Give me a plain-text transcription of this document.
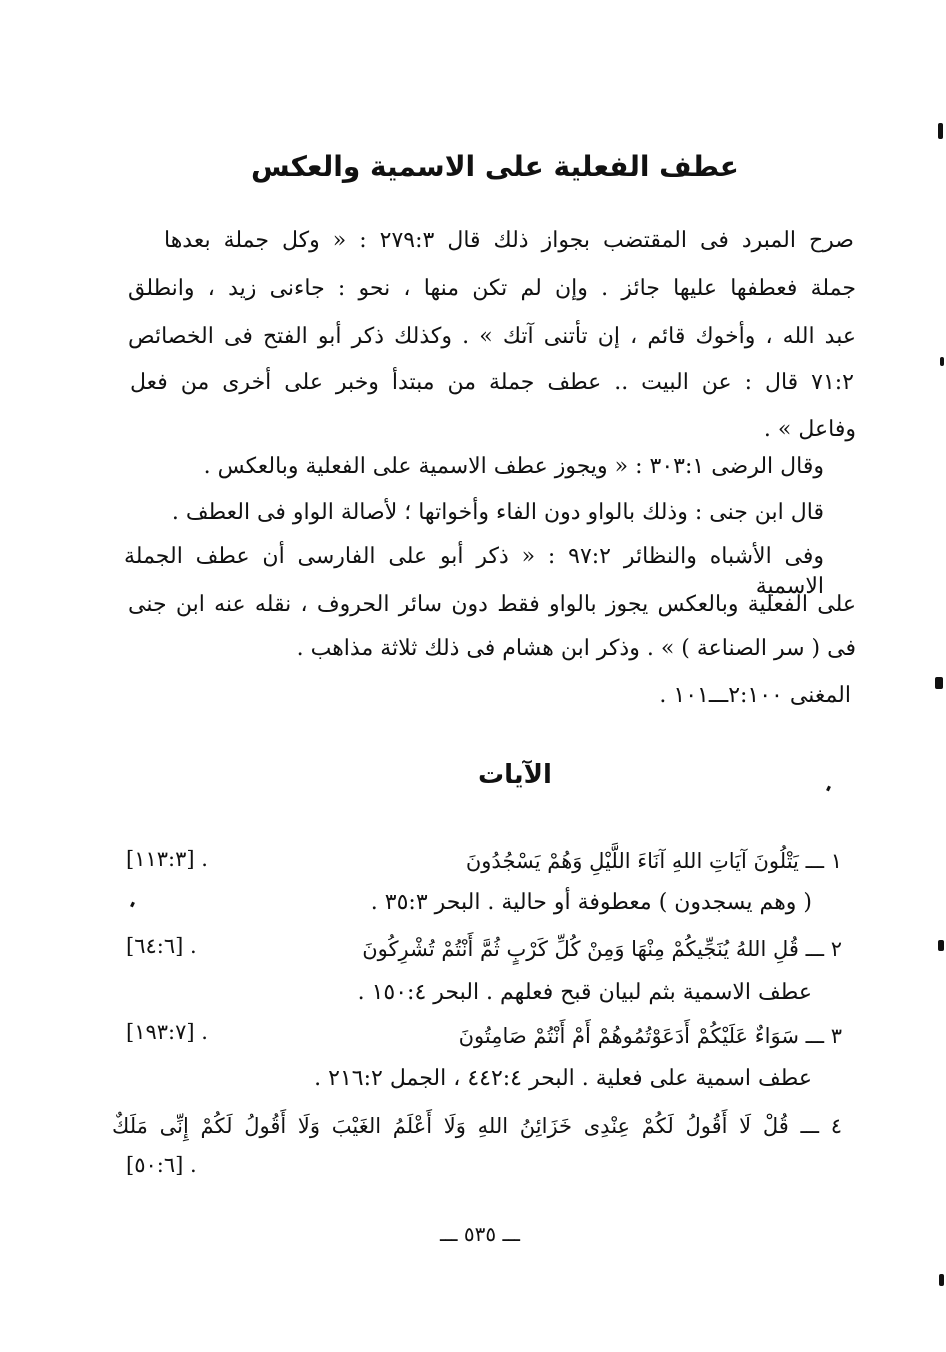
عطف الفعلية على الاسمية والعكس
صرح المبرد فى المقتضب بجواز ذلك قال ٢٧٩:٣ : « وكل جملة بعدها
جملة فعطفها عليها جائز . وإن لم تكن منها ، نحو : جاءنى زيد ، وانطلق
عبد الله ، وأخوك قائم ، إن تأتنى آتك » . وكذلك ذكر أبو الفتح فى الخصائص
٧١:٢ قال : عن البيت .. عطف جملة من مبتدأ وخبر على أخرى من فعل
وفاعل » .
وقال الرضى ٣٠٣:١ : « ويجوز عطف الاسمية على الفعلية وبالعكس .
قال ابن جنى : وذلك بالواو دون الفاء وأخواتها ؛ لأصالة الواو فى العطف .
وفى الأشباه والنظائر ٩٧:٢ : « ذكر أبو على الفارسى أن عطف الجملة الاسمية
على الفعلية وبالعكس يجوز بالواو فقط دون سائر الحروف ، نقله عنه ابن جنى
فى ( سر الصناعة ) » . وذكر ابن هشام فى ذلك ثلاثة مذاهب .
المغنى ٢:١٠٠ـــ١٠١ .
الآيات
١ ـــ يَتْلُونَ آيَاتِ اللهِ آنَاءَ اللَّيْلِ وَهُمْ يَسْجُدُونَ
[١١٣:٣] .
( وهم يسجدون ) معطوفة أو حالية . البحر ٣٥:٣ .
٢ ـــ قُلِ اللهُ يُنَجِّيكُمْ مِنْهَا وَمِنْ كُلِّ كَرْبٍ ثُمَّ أَنْتُمْ تُشْرِكُونَ
[٦٤:٦] .
عطف الاسمية بثم لبيان قبح فعلهم . البحر ١٥٠:٤ .
٣ ـــ سَوَاءٌ عَلَيْكُمْ أَدَعَوْتُمُوهُمْ أَمْ أَنْتُمْ صَامِتُونَ
[١٩٣:٧] .
عطف اسمية على فعلية . البحر ٤٤٢:٤ ، الجمل ٢١٦:٢ .
٤ ـــ قُلْ لَا أَقُولُ لَكُمْ عِنْدِى خَزَائِنُ اللهِ وَلَا أَعْلَمُ الغَيْبَ وَلَا أَقُولُ لَكُمْ إِنِّى مَلَكٌ
[٥٠:٦] .
ـــ ٥٣٥ ـــ
